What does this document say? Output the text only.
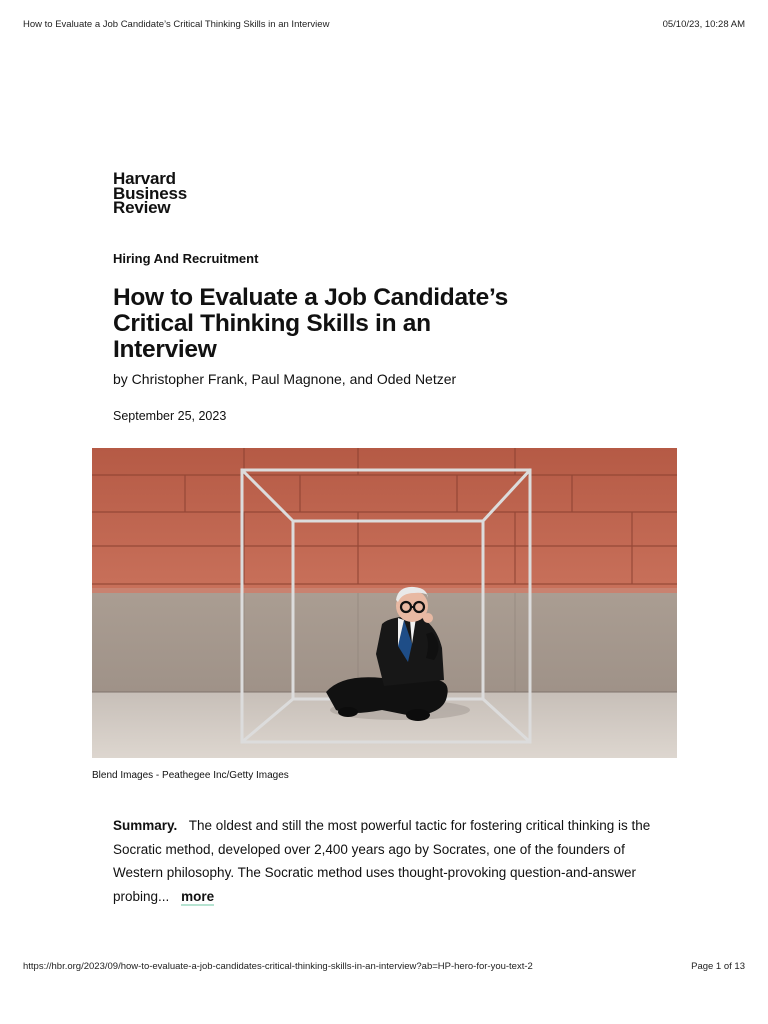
How to Evaluate a Job Candidate’s Critical Thinking Skills in an Interview	05/10/23, 10:28 AM
Harvard
Business
Review
Hiring And Recruitment
How to Evaluate a Job Candidate’s Critical Thinking Skills in an Interview
by Christopher Frank, Paul Magnone, and Oded Netzer
September 25, 2023
Blend Images - Peathegee Inc/Getty Images
Summary. The oldest and still the most powerful tactic for fostering critical thinking is the Socratic method, developed over 2,400 years ago by Socrates, one of the founders of Western philosophy. The Socratic method uses thought-provoking question-and-answer probing... more
https://hbr.org/2023/09/how-to-evaluate-a-job-candidates-critical-thinking-skills-in-an-interview?ab=HP-hero-for-you-text-2	Page 1 of 13
